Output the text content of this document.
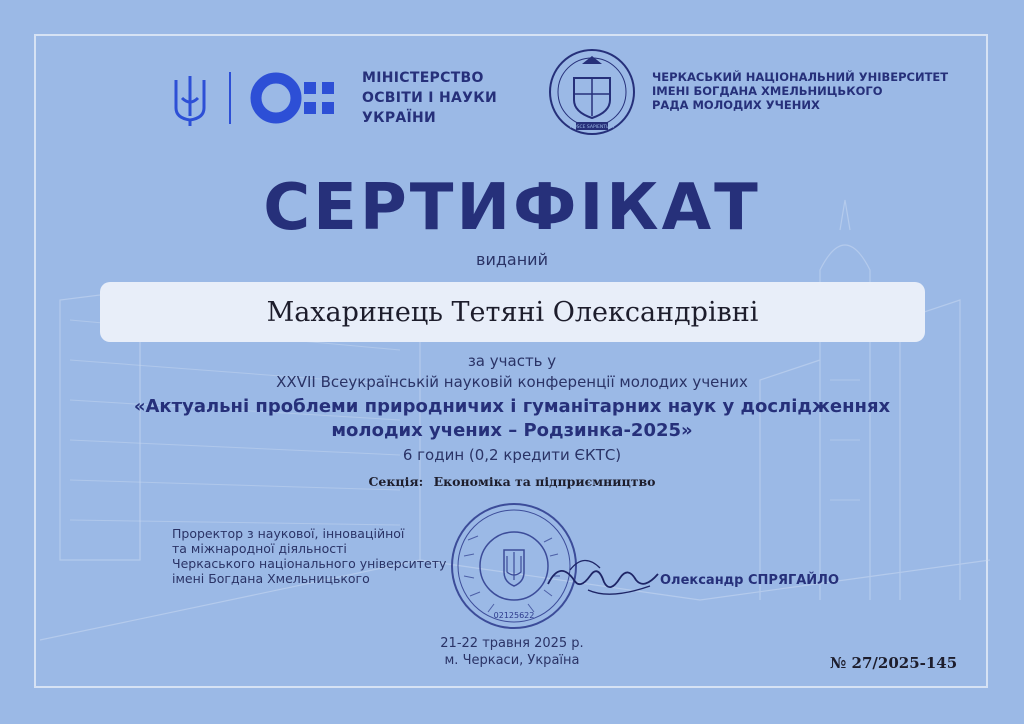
МІНІСТЕРСТВО
ОСВІТИ І НАУКИ
УКРАЇНИ
NOSCE SAPIENTIAM
ЧЕРКАСЬКИЙ НАЦІОНАЛЬНИЙ УНІВЕРСИТЕТ
ІМЕНІ БОГДАНА ХМЕЛЬНИЦЬКОГО
РАДА МОЛОДИХ УЧЕНИХ
СЕРТИФІКАТ
виданий
Махаринець Тетяні Олександрівні
за участь у
XXVII Всеукраїнській науковій конференції молодих учених
«Актуальні проблеми природничих і гуманітарних наук у дослідженнях
молодих учених – Родзинка-2025»
6 годин (0,2 кредити ЄКТС)
Секція: Економіка та підприємництво
Проректор з наукової, інноваційної
та міжнародної діяльності
Черкаського національного університету
імені Богдана Хмельницького
02125622
Олександр СПРЯГАЙЛО
21-22 травня 2025 р.
м. Черкаси, Україна	№ 27/2025-145
